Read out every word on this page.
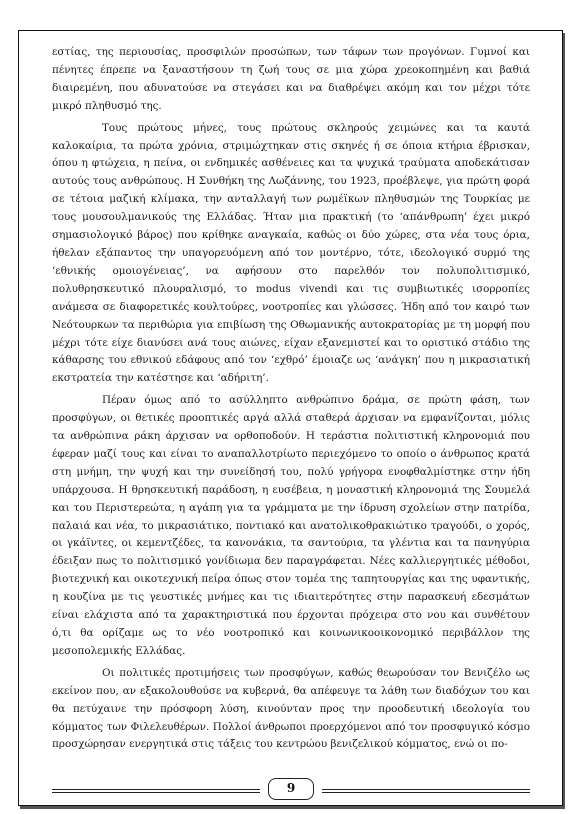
εστίας, της περιουσίας, προσφιλών προσώπων, των τάφων των προγόνων. Γυμνοί και πένητες έπρεπε να ξαναστήσουν τη ζωή τους σε μια χώρα χρεοκοπημένη και βαθιά διαιρεμένη, που αδυνατούσε να στεγάσει και να διαθρέψει ακόμη και τον μέχρι τότε μικρό πληθυσμό της.

Τους πρώτους μήνες, τους πρώτους σκληρούς χειμώνες και τα καυτά καλοκαίρια, τα πρώτα χρόνια, στριμώχτηκαν στις σκηνές ή σε όποια κτήρια έβρισκαν, όπου η φτώχεια, η πείνα, οι ενδημικές ασθένειες και τα ψυχικά τραύματα αποδεκάτισαν αυτούς τους ανθρώπους. Η Συνθήκη της Λωζάννης, του 1923, προέβλεψε, για πρώτη φορά σε τέτοια μαζική κλίμακα, την ανταλλαγή των ρωμέϊκων πληθυσμών της Τουρκίας με τους μουσουλμανικούς της Ελλάδας. Ήταν μια πρακτική (το ‘απάνθρωπη’ έχει μικρό σημασιολογικό βάρος) που κρίθηκε αναγκαία, καθώς οι δύο χώρες, στα νέα τους όρια, ήθελαν εξάπαντος την υπαγορευόμενη από τον μοντέρνο, τότε, ιδεολογικό συρμό της ‘εθνικής ομοιογένειας’, να αφήσουν στο παρελθόν τον πολυπολιτισμικό, πολυθρησκευτικό πλουραλισμό, το modus vivendi και τις συμβιωτικές ισορροπίες ανάμεσα σε διαφορετικές κουλτούρες, νοοτροπίες και γλώσσες. Ήδη από τον καιρό των Νεότουρκων τα περιθώρια για επιβίωση της Οθωμανικής αυτοκρατορίας με τη μορφή που μέχρι τότε είχε διανύσει ανά τους αιώνες, είχαν εξανεμιστεί και το οριστικό στάδιο της κάθαρσης του εθνικού εδάφους από τον ‘εχθρό’ έμοιαζε ως ‘ανάγκη’ που η μικρασιατική εκστρατεία την κατέστησε και ‘αδήριτη’.

Πέραν όμως από το ασύλληπτο ανθρώπινο δράμα, σε πρώτη φάση, των προσφύγων, οι θετικές προοπτικές αργά αλλά σταθερά άρχισαν να εμφανίζονται, μόλις τα ανθρώπινα ράκη άρχισαν να ορθοποδούν. Η τεράστια πολιτιστική κληρονομιά που έφεραν μαζί τους και είναι το αναπαλλοτρίωτο περιεχόμενο το οποίο ο άνθρωπος κρατά στη μνήμη, την ψυχή και την συνείδησή του, πολύ γρήγορα ενοφθαλμίστηκε στην ήδη υπάρχουσα. Η θρησκευτική παράδοση, η ευσέβεια, η μοναστική κληρονομιά της Σουμελά και του Περιστερεώτα, η αγάπη για τα γράμματα με την ίδρυση σχολείων στην πατρίδα, παλαιά και νέα, το μικρασιάτικο, ποντιακό και ανατολικοθρακιώτικο τραγούδι, ο χορός, οι γκάϊντες, οι κεμεντζέδες, τα κανονάκια, τα σαντούρια, τα γλέντια και τα πανηγύρια έδειξαν πως το πολιτισμικό γονίδιωμα δεν παραγράφεται. Νέες καλλιεργητικές μέθοδοι, βιοτεχνική και οικοτεχνική πείρα όπως στον τομέα της ταπητουργίας και της υφαντικής, η κουζίνα με τις γευστικές μνήμες και τις ιδιαιτερότητες στην παρασκευή εδεσμάτων είναι ελάχιστα από τα χαρακτηριστικά που έρχονται πρόχειρα στο νου και συνθέτουν ό,τι θα ορίζαμε ως το νέο νοοτροπικό και κοινωνικοοικονομικό περιβάλλον της μεσοπολεμικής Ελλάδας.

Οι πολιτικές προτιμήσεις των προσφύγων, καθώς θεωρούσαν τον Βενιζέλο ως εκείνον που, αν εξακολουθούσε να κυβερνά, θα απέφευγε τα λάθη των διαδόχων του και θα πετύχαινε την πρόσφορη λύση, κινούνταν προς την προοδευτική ιδεολογία του κόμματος των Φιλελευθέρων. Πολλοί άνθρωποι προερχόμενοι από τον προσφυγικό κόσμο προσχώρησαν ενεργητικά στις τάξεις του κεντρώου βενιζελικού κόμματος, ενώ οι πο-

9
